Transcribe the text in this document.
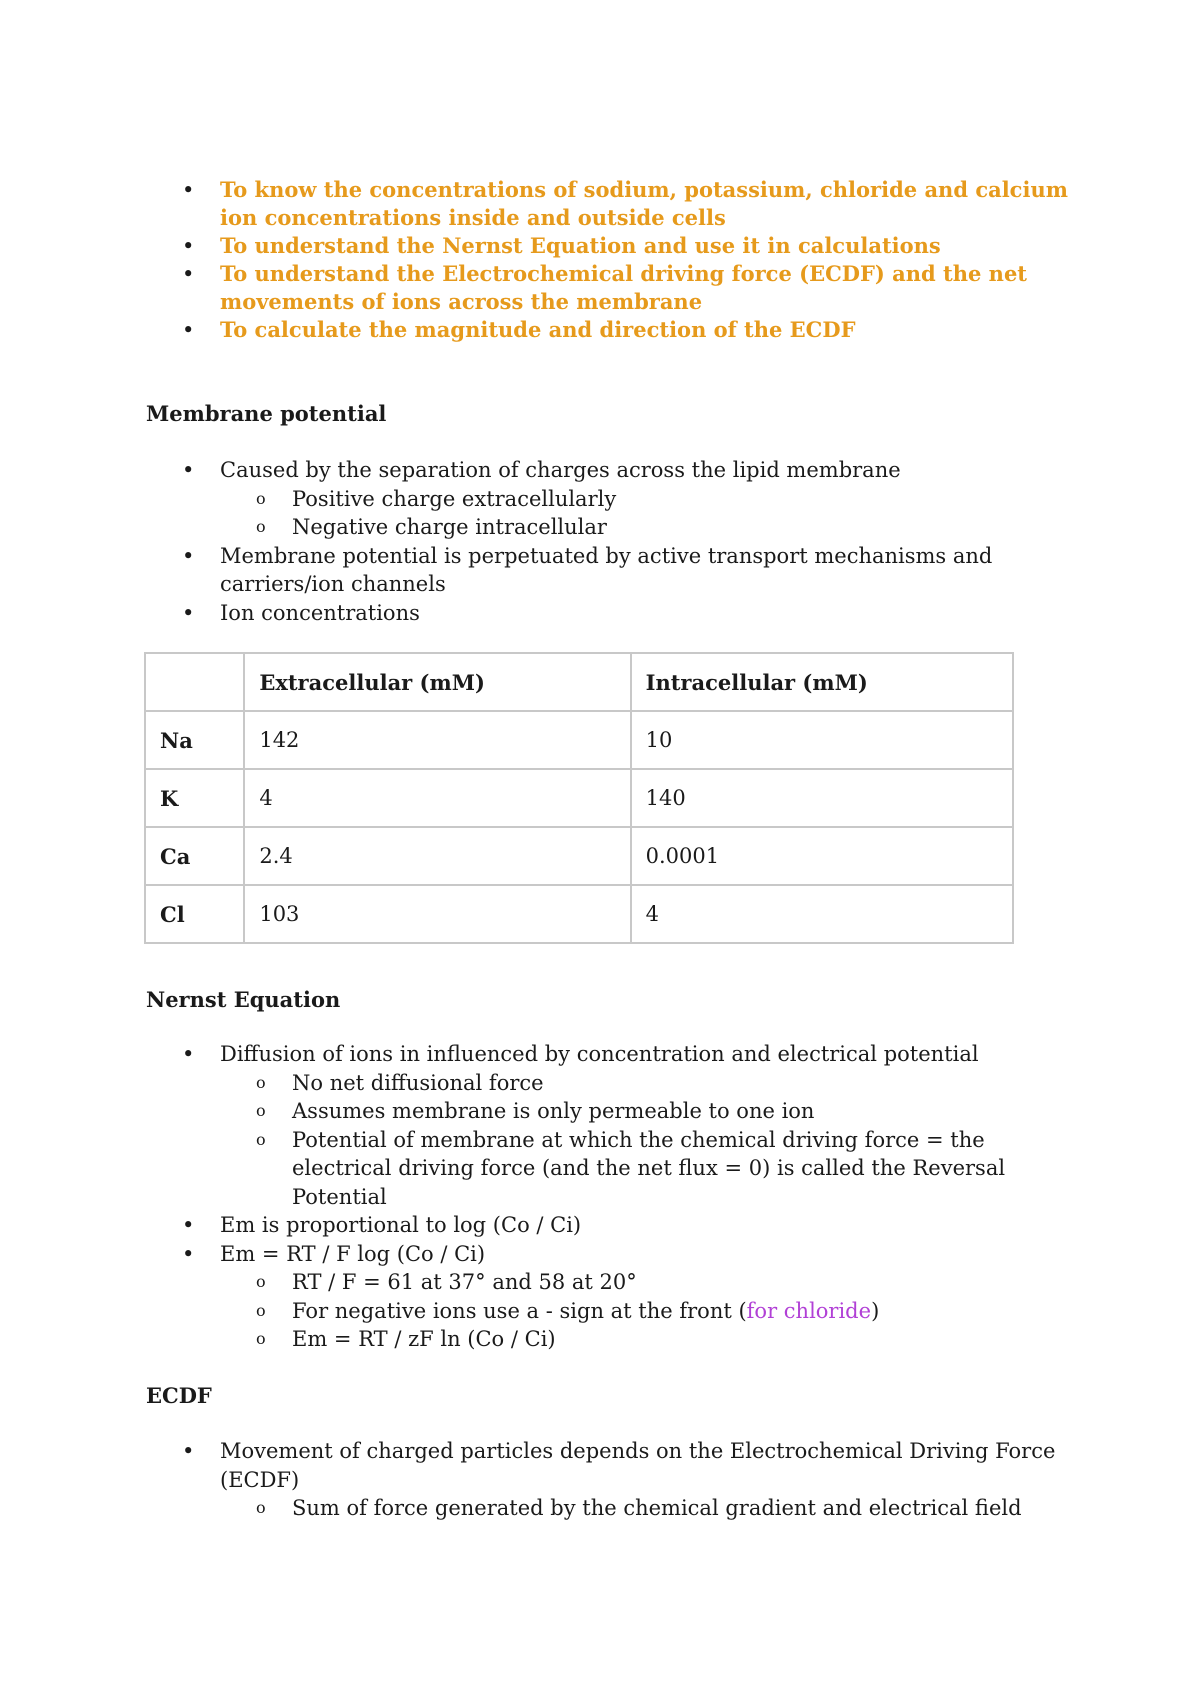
• To know the concentrations of sodium, potassium, chloride and calcium ion concentrations inside and outside cells
• To understand the Nernst Equation and use it in calculations
• To understand the Electrochemical driving force (ECDF) and the net movements of ions across the membrane
• To calculate the magnitude and direction of the ECDF
Membrane potential
• Caused by the separation of charges across the lipid membrane
o Positive charge extracellularly
o Negative charge intracellular
• Membrane potential is perpetuated by active transport mechanisms and carriers/ion channels
• Ion concentrations
	Extracellular (mM)	Intracellular (mM)
Na	142	10
K	4	140
Ca	2.4	0.0001
Cl	103	4
Nernst Equation
• Diffusion of ions in influenced by concentration and electrical potential
o No net diffusional force
o Assumes membrane is only permeable to one ion
o Potential of membrane at which the chemical driving force = the electrical driving force (and the net flux = 0) is called the Reversal Potential
• Em is proportional to log (Co / Ci)
• Em = RT / F log (Co / Ci)
o RT / F = 61 at 37° and 58 at 20°
o For negative ions use a - sign at the front (for chloride)
o Em = RT / zF ln (Co / Ci)
ECDF
• Movement of charged particles depends on the Electrochemical Driving Force (ECDF)
o Sum of force generated by the chemical gradient and electrical field
